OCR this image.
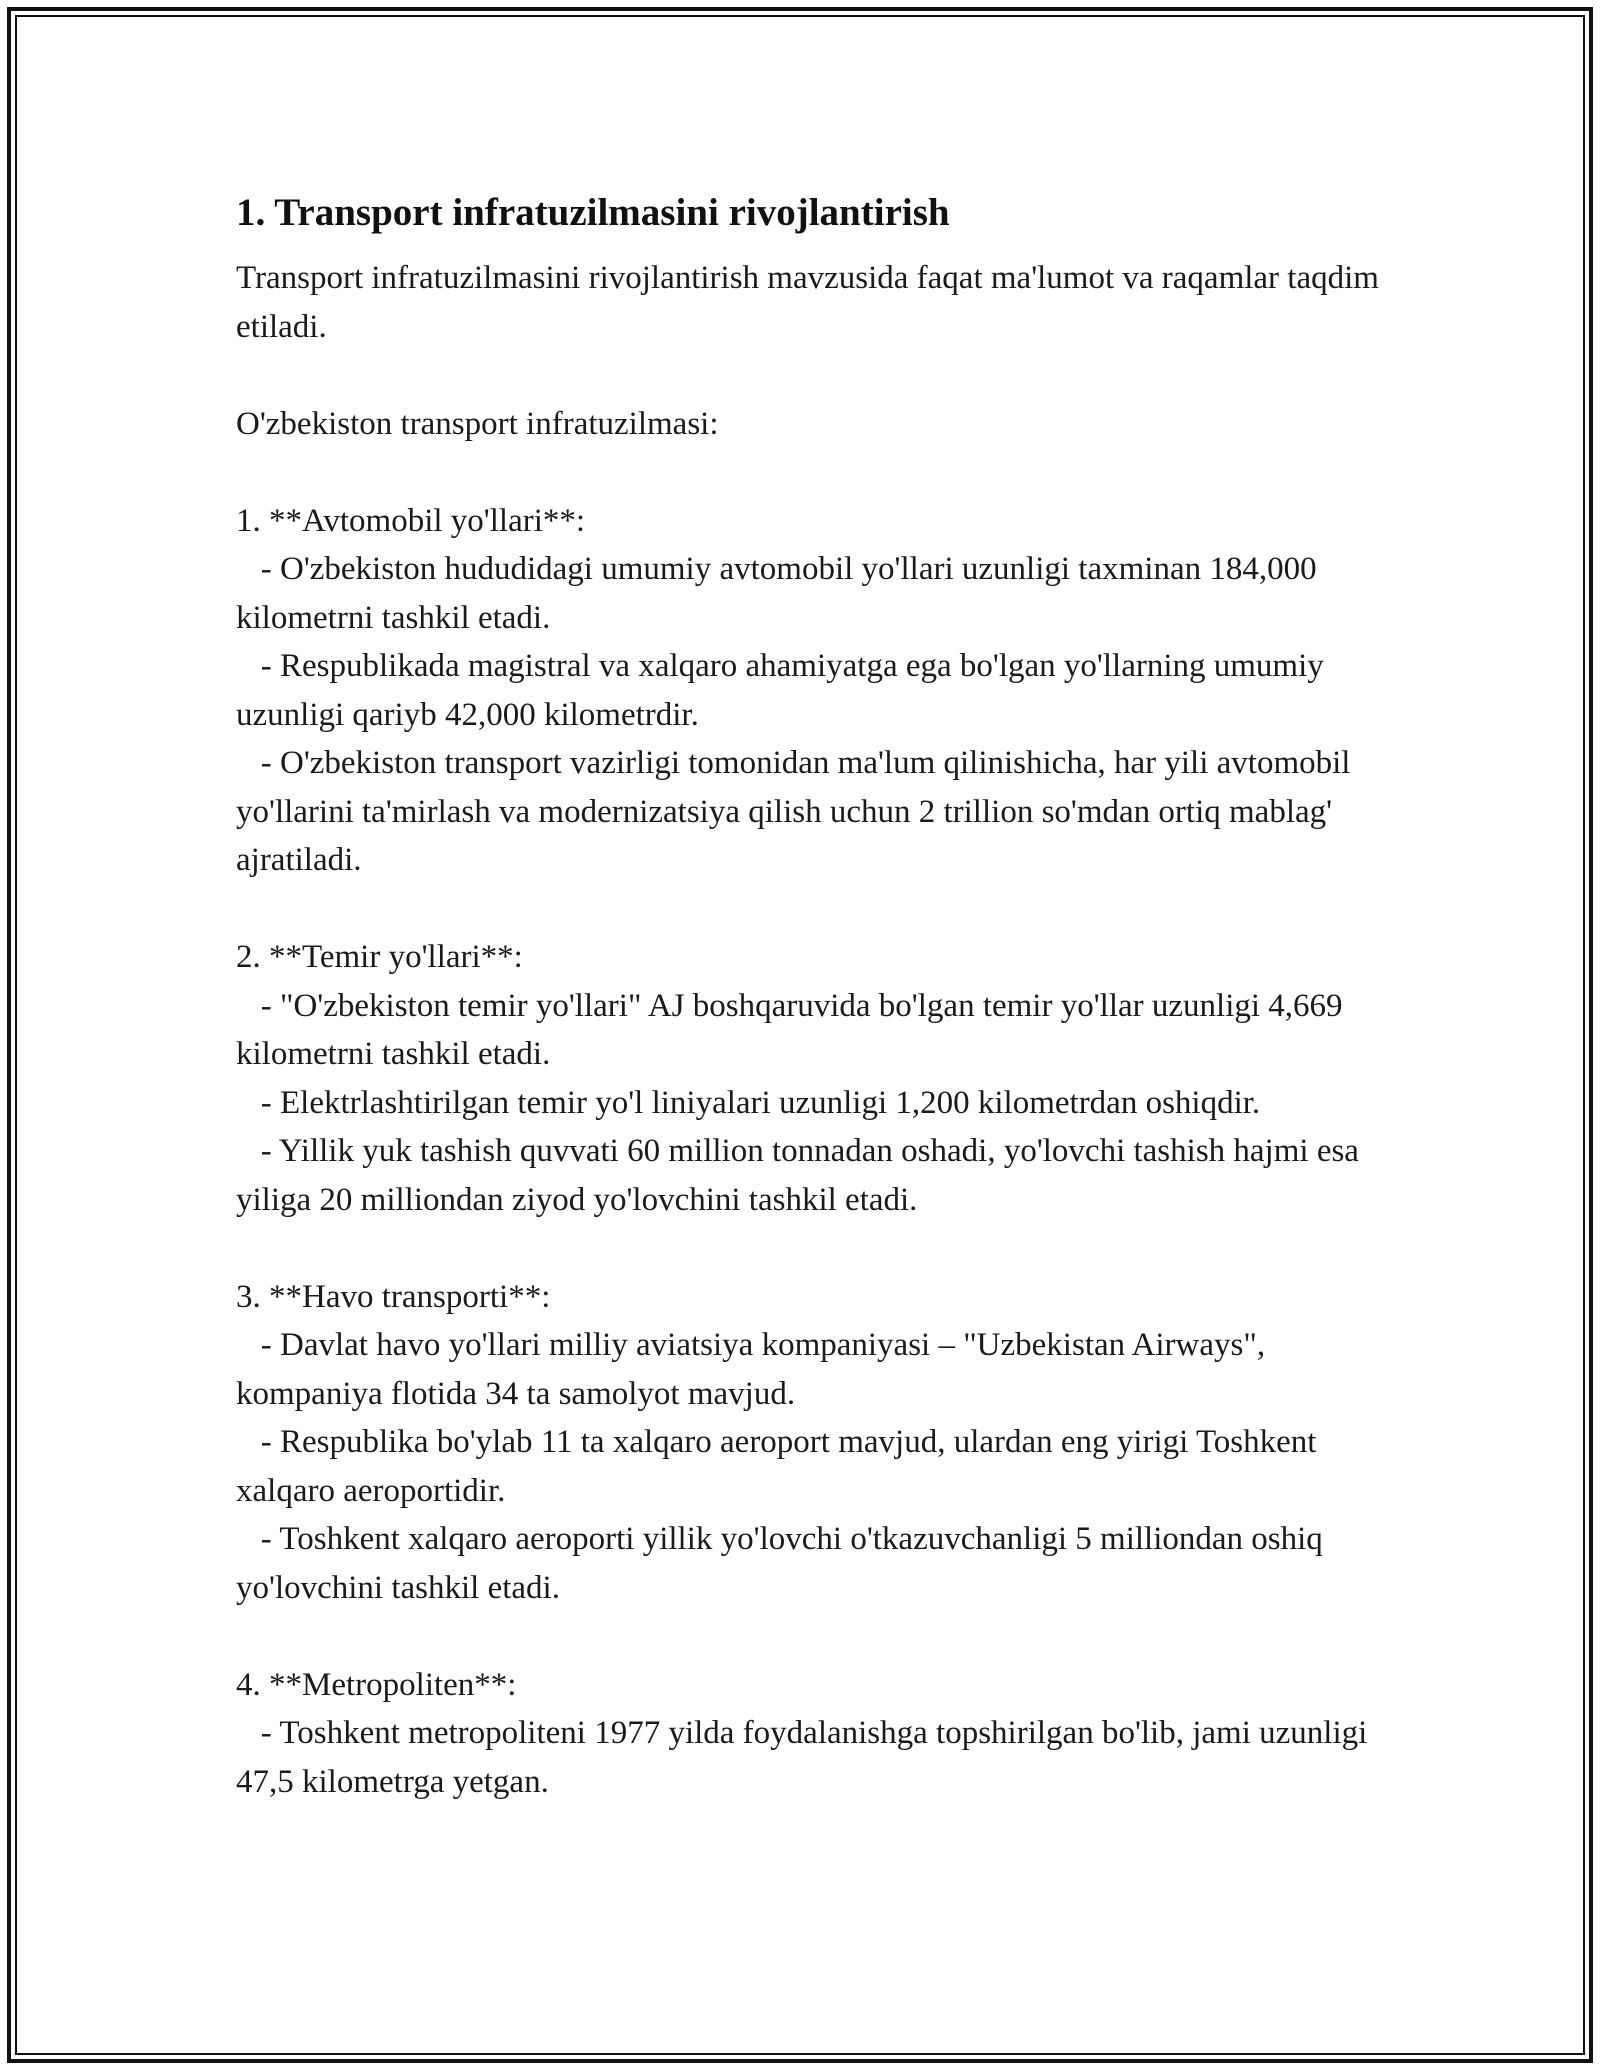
1. Transport infratuzilmasini rivojlantirish

Transport infratuzilmasini rivojlantirish mavzusida faqat ma'lumot va raqamlar taqdim etiladi.

O'zbekiston transport infratuzilmasi:

1. **Avtomobil yo'llari**:

- O'zbekiston hududidagi umumiy avtomobil yo'llari uzunligi taxminan 184,000 kilometrni tashkil etadi.

- Respublikada magistral va xalqaro ahamiyatga ega bo'lgan yo'llarning umumiy uzunligi qariyb 42,000 kilometrdir.

- O'zbekiston transport vazirligi tomonidan ma'lum qilinishicha, har yili avtomobil yo'llarini ta'mirlash va modernizatsiya qilish uchun 2 trillion so'mdan ortiq mablag' ajratiladi.

2. **Temir yo'llari**:

- "O'zbekiston temir yo'llari" AJ boshqaruvida bo'lgan temir yo'llar uzunligi 4,669 kilometrni tashkil etadi.

- Elektrlashtirilgan temir yo'l liniyalari uzunligi 1,200 kilometrdan oshiqdir.

- Yillik yuk tashish quvvati 60 million tonnadan oshadi, yo'lovchi tashish hajmi esa yiliga 20 milliondan ziyod yo'lovchini tashkil etadi.

3. **Havo transporti**:

- Davlat havo yo'llari milliy aviatsiya kompaniyasi – "Uzbekistan Airways", kompaniya flotida 34 ta samolyot mavjud.

- Respublika bo'ylab 11 ta xalqaro aeroport mavjud, ulardan eng yirigi Toshkent xalqaro aeroportidir.

- Toshkent xalqaro aeroporti yillik yo'lovchi o'tkazuvchanligi 5 milliondan oshiq yo'lovchini tashkil etadi.

4. **Metropoliten**:

- Toshkent metropoliteni 1977 yilda foydalanishga topshirilgan bo'lib, jami uzunligi 47,5 kilometrga yetgan.
